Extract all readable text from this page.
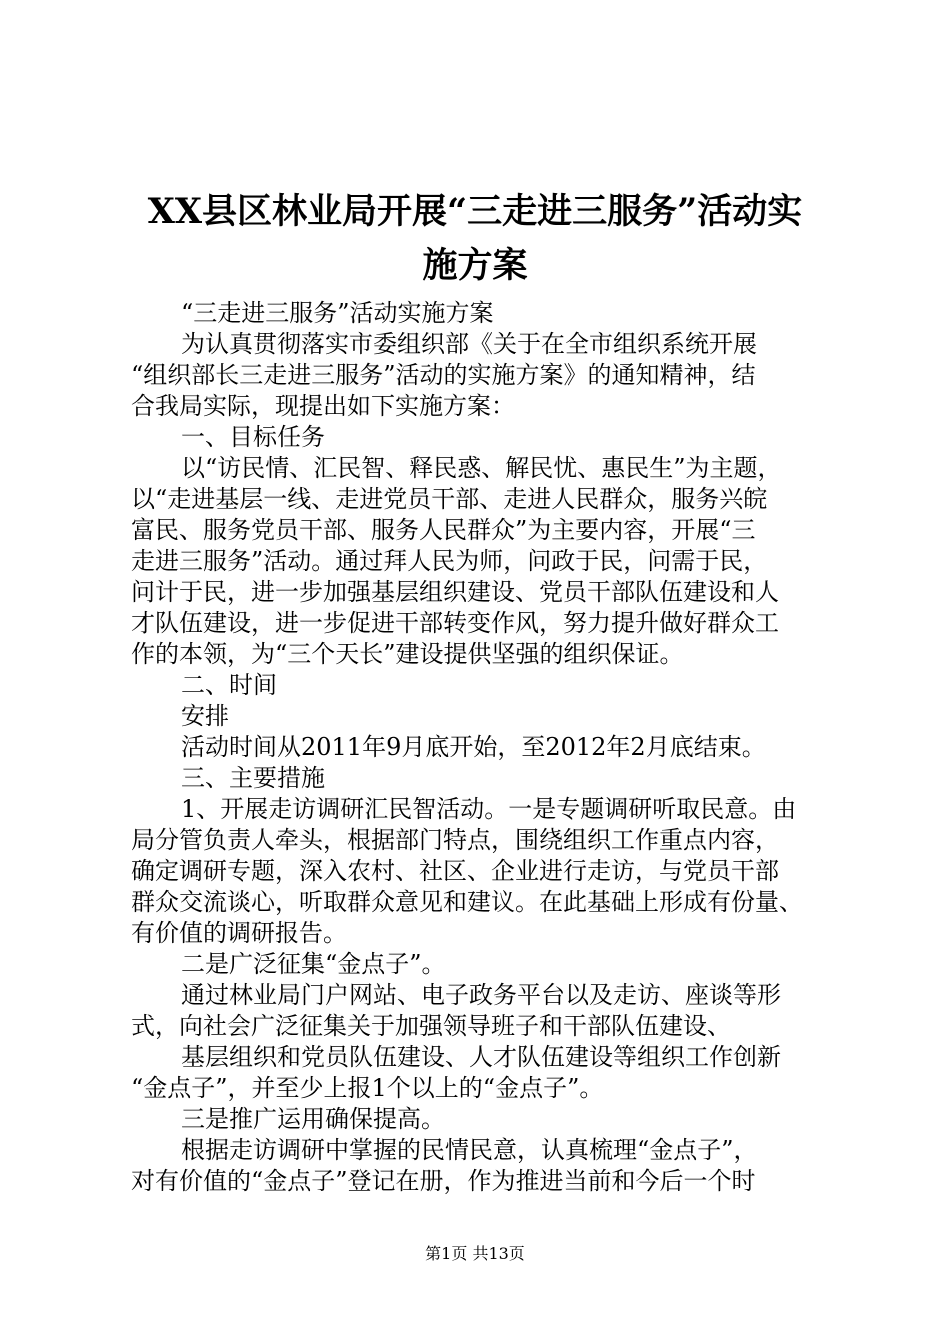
XX县区林业局开展“三走进三服务”活动实
施方案
“三走进三服务”活动实施方案
为认真贯彻落实市委组织部《关于在全市组织系统开展
“组织部长三走进三服务”活动的实施方案》的通知精神，结
合我局实际，现提出如下实施方案：
一、目标任务
以“访民情、汇民智、释民惑、解民忧、惠民生”为主题，
以“走进基层一线、走进党员干部、走进人民群众，服务兴皖
富民、服务党员干部、服务人民群众”为主要内容，开展“三
走进三服务”活动。通过拜人民为师，问政于民，问需于民，
问计于民，进一步加强基层组织建设、党员干部队伍建设和人
才队伍建设，进一步促进干部转变作风，努力提升做好群众工
作的本领，为“三个天长”建设提供坚强的组织保证。
二、时间
安排
活动时间从2011年9月底开始，至2012年2月底结束。
三、主要措施
1、开展走访调研汇民智活动。一是专题调研听取民意。由
局分管负责人牵头，根据部门特点，围绕组织工作重点内容，
确定调研专题，深入农村、社区、企业进行走访，与党员干部
群众交流谈心，听取群众意见和建议。在此基础上形成有份量、
有价值的调研报告。
二是广泛征集“金点子”。
通过林业局门户网站、电子政务平台以及走访、座谈等形
式，向社会广泛征集关于加强领导班子和干部队伍建设、
基层组织和党员队伍建设、人才队伍建设等组织工作创新
“金点子”，并至少上报1个以上的“金点子”。
三是推广运用确保提高。
根据走访调研中掌握的民情民意，认真梳理“金点子”，
对有价值的“金点子”登记在册，作为推进当前和今后一个时
第1页 共13页
